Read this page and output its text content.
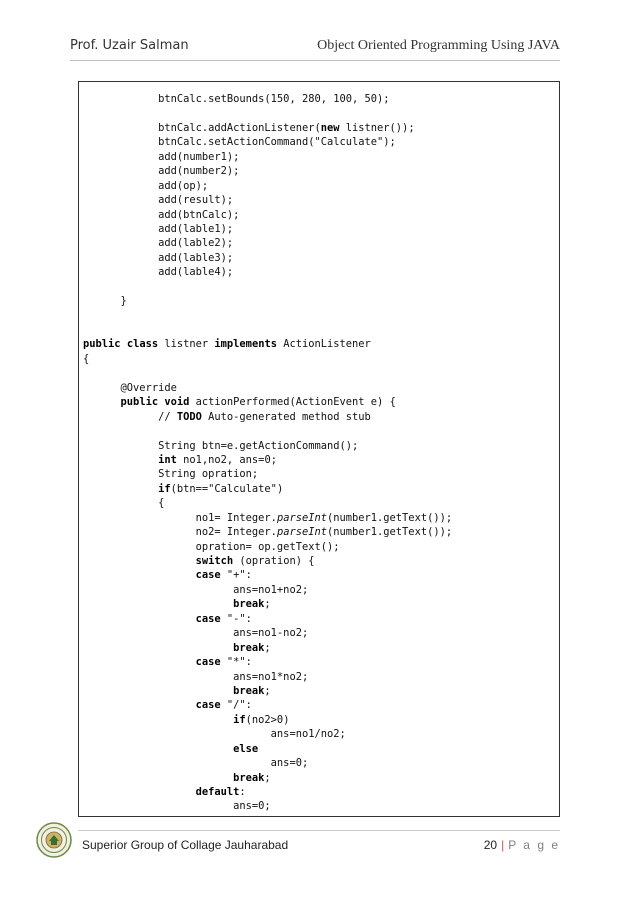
Prof. Uzair Salman	Object Oriented Programming Using JAVA
btnCalc.setBounds(150, 280, 100, 50);
btnCalc.addActionListener(new listner());
btnCalc.setActionCommand("Calculate");
add(number1);
add(number2);
add(op);
add(result);
add(btnCalc);
add(lable1);
add(lable2);
add(lable3);
add(lable4);
}
public class listner implements ActionListener
{
@Override
public void actionPerformed(ActionEvent e) {
// TODO Auto-generated method stub
String btn=e.getActionCommand();
int no1,no2, ans=0;
String opration;
if(btn=="Calculate")
{
no1= Integer.parseInt(number1.getText());
no2= Integer.parseInt(number1.getText());
opration= op.getText();
switch (opration) {
case "+":
ans=no1+no2;
break;
case "-":
ans=no1-no2;
break;
case "*":
ans=no1*no2;
break;
case "/":
if(no2>0)
ans=no1/no2;
else
ans=0;
break;
default:
ans=0;
Superior Group of Collage Jauharabad	20 | P a g e
